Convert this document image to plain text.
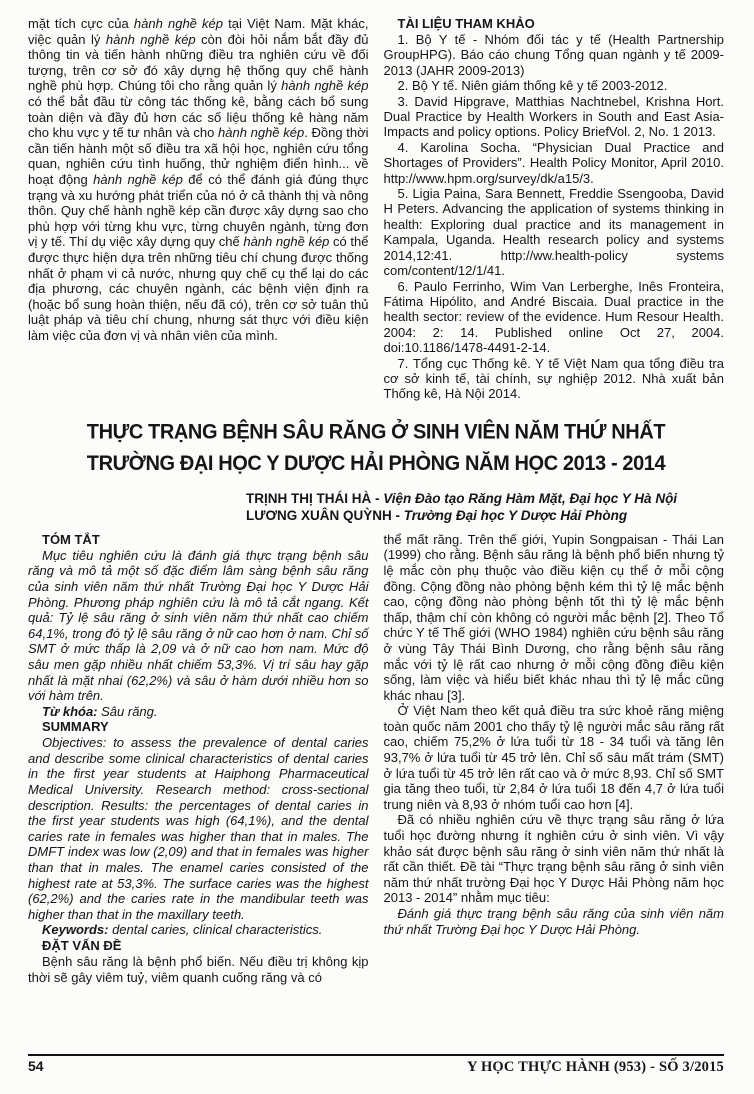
mặt tích cực của hành nghề kép tại Việt Nam. Mặt khác, việc quản lý hành nghề kép còn đòi hỏi nắm bắt đầy đủ thông tin và tiến hành những điều tra nghiên cứu về đối tượng, trên cơ sở đó xây dựng hệ thống quy chế hành nghề phù hợp. Chúng tôi cho rằng quản lý hành nghề kép có thể bắt đầu từ công tác thống kê, bằng cách bổ sung toàn diện và đầy đủ hơn các số liệu thống kê hàng năm cho khu vực y tế tư nhân và cho hành nghề kép. Đồng thời cần tiến hành một số điều tra xã hội học, nghiên cứu tổng quan, nghiên cứu tình huống, thử nghiệm điển hình... về hoạt động hành nghề kép để có thể đánh giá đúng thực trạng và xu hướng phát triển của nó ở cả thành thị và nông thôn. Quy chế hành nghề kép cần được xây dựng sao cho phù hợp với từng khu vực, từng chuyên ngành, từng đơn vị y tế. Thí dụ việc xây dựng quy chế hành nghề kép có thể được thực hiện dựa trên những tiêu chí chung được thống nhất ở phạm vi cả nước, nhưng quy chế cụ thể lại do các địa phương, các chuyên ngành, các bệnh viện định ra (hoặc bổ sung hoàn thiện, nếu đã có), trên cơ sở tuân thủ luật pháp và tiêu chí chung, nhưng sát thực với điều kiện làm việc của đơn vị và nhân viên của mình.

TÀI LIỆU THAM KHẢO

1. Bộ Y tế - Nhóm đối tác y tế (Health Partnership GroupHPG). Báo cáo chung Tổng quan ngành y tế 2009-2013 (JAHR 2009-2013)

2. Bộ Y tế. Niên giám thống kê y tế 2003-2012.

3. David Hipgrave, Matthias Nachtnebel, Krishna Hort. Dual Practice by Health Workers in South and East Asia- Impacts and policy options. Policy BriefVol. 2, No. 1 2013.

4. Karolina Socha. “Physician Dual Practice and Shortages of Providers”. Health Policy Monitor, April 2010. http://www.hpm.org/survey/dk/a15/3.

5. Ligia Paina, Sara Bennett, Freddie Ssengooba, David H Peters. Advancing the application of systems thinking in health: Exploring dual practice and its management in Kampala, Uganda. Health research policy and systems 2014,12:41. http://ww.health-policy systems com/content/12/1/41.

6. Paulo Ferrinho, Wim Van Lerberghe, Inês Fronteira, Fátima Hipólito, and André Biscaia. Dual practice in the health sector: review of the evidence. Hum Resour Health. 2004: 2: 14. Published online Oct 27, 2004. doi:10.1186/1478-4491-2-14.

7. Tổng cục Thống kê. Y tế Việt Nam qua tổng điều tra cơ sở kinh tế, tài chính, sự nghiệp 2012. Nhà xuất bản Thống kê, Hà Nội 2014.

THỰC TRẠNG BỆNH SÂU RĂNG Ở SINH VIÊN NĂM THỨ NHẤT
TRƯỜNG ĐẠI HỌC Y DƯỢC HẢI PHÒNG NĂM HỌC 2013 - 2014
TRỊNH THỊ THÁI HÀ - Viện Đào tạo Răng Hàm Mặt, Đại học Y Hà Nội
LƯƠNG XUÂN QUỲNH - Trường Đại học Y Dược Hải Phòng
TÓM TẮT

Mục tiêu nghiên cứu là đánh giá thực trạng bệnh sâu răng và mô tả một số đặc điểm lâm sàng bệnh sâu răng của sinh viên năm thứ nhất Trường Đại học Y Dược Hải Phòng. Phương pháp nghiên cứu là mô tả cắt ngang. Kết quả: Tỷ lệ sâu răng ở sinh viên năm thứ nhất cao chiếm 64,1%, trong đó tỷ lệ sâu răng ở nữ cao hơn ở nam. Chỉ số SMT ở mức thấp là 2,09 và ở nữ cao hơn nam. Mức độ sâu men gặp nhiều nhất chiếm 53,3%. Vị trí sâu hay gặp nhất là mặt nhai (62,2%) và sâu ở hàm dưới nhiều hơn so với hàm trên.

Từ khóa: Sâu răng.

SUMMARY

Objectives: to assess the prevalence of dental caries and describe some clinical characteristics of dental caries in the first year students at Haiphong Pharmaceutical Medical University. Research method: cross-sectional description. Results: the percentages of dental caries in the first year students was high (64,1%), and the dental caries rate in females was higher than that in males. The DMFT index was low (2,09) and that in females was higher than that in males. The enamel caries consisted of the highest rate at 53,3%. The surface caries was the highest (62,2%) and the caries rate in the mandibular teeth was higher than that in the maxillary teeth.

Keywords: dental caries, clinical characteristics.

ĐẶT VẤN ĐỀ

Bệnh sâu răng là bệnh phổ biến. Nếu điều trị không kịp thời sẽ gây viêm tuỷ, viêm quanh cuống răng và có

thể mất răng. Trên thế giới, Yupin Songpaisan - Thái Lan (1999) cho rằng. Bệnh sâu răng là bệnh phổ biến nhưng tỷ lệ mắc còn phụ thuộc vào điều kiện cụ thể ở mỗi cộng đồng. Cộng đồng nào phòng bệnh kém thì tỷ lệ mắc bệnh cao, cộng đồng nào phòng bệnh tốt thì tỷ lệ mắc bệnh thấp, thậm chí còn không có người mắc bệnh [2]. Theo Tổ chức Y tế Thế giới (WHO 1984) nghiên cứu bệnh sâu răng ở vùng Tây Thái Bình Dương, cho rằng bệnh sâu răng mắc với tỷ lệ rất cao nhưng ở mỗi cộng đồng điều kiện sống, làm việc và hiểu biết khác nhau thì tỷ lệ mắc cũng khác nhau [3].

Ở Việt Nam theo kết quả điều tra sức khoẻ răng miệng toàn quốc năm 2001 cho thấy tỷ lệ người mắc sâu răng rất cao, chiếm 75,2% ở lứa tuổi từ 18 - 34 tuổi và tăng lên 93,7% ở lứa tuổi từ 45 trở lên. Chỉ số sâu mất trám (SMT) ở lứa tuổi từ 45 trở lên rất cao và ở mức 8,93. Chỉ số SMT gia tăng theo tuổi, từ 2,84 ở lứa tuổi 18 đến 4,7 ở lứa tuổi trung niên và 8,93 ở nhóm tuổi cao hơn [4].

Đã có nhiều nghiên cứu về thực trạng sâu răng ở lứa tuổi học đường nhưng ít nghiên cứu ở sinh viên. Vì vậy khảo sát được bệnh sâu răng ở sinh viên năm thứ nhất là rất cần thiết. Đề tài “Thực trạng bệnh sâu răng ở sinh viên năm thứ nhất trường Đại học Y Dược Hải Phòng năm học 2013 - 2014” nhằm mục tiêu:

Đánh giá thực trạng bệnh sâu răng của sinh viên năm thứ nhất Trường Đại học Y Dược Hải Phòng.

54	Y HỌC THỰC HÀNH (953) - SỐ 3/2015
